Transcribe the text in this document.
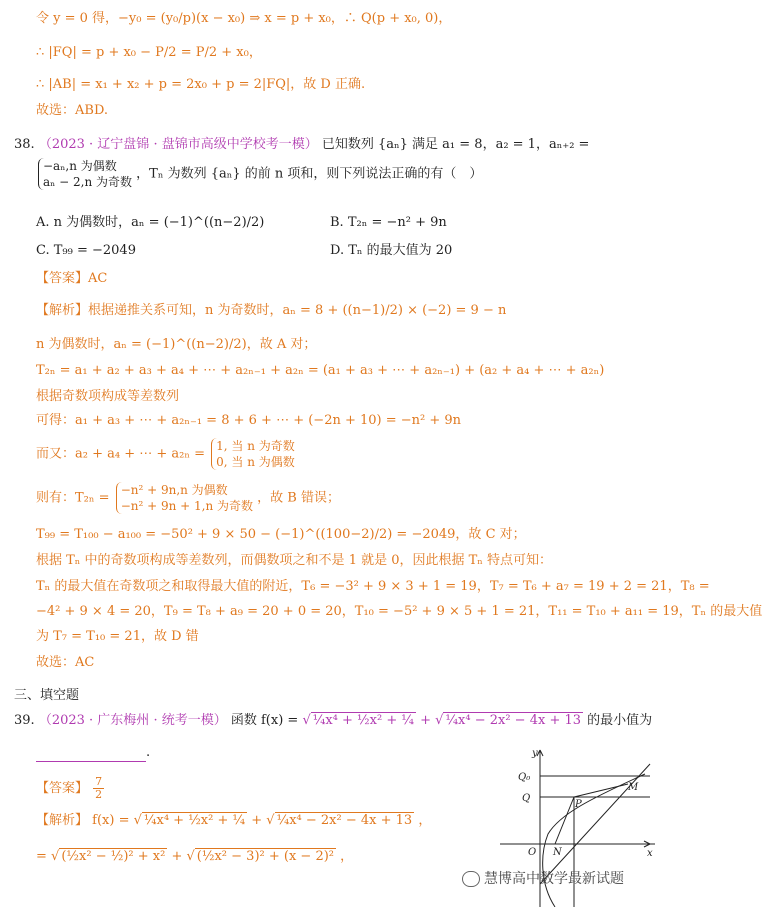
令 y = 0 得，−y₀ = (y₀/p)(x − x₀) ⇒ x = p + x₀，∴ Q(p + x₀, 0)，
∴ |FQ| = p + x₀ − P/2 = P/2 + x₀，
∴ |AB| = x₁ + x₂ + p = 2x₀ + p = 2|FQ|，故 D 正确.
故选：ABD.
38. （2023 · 辽宁盘锦 · 盘锦市高级中学校考一模） 已知数列 {aₙ} 满足 a₁ = 8，a₂ = 1，aₙ₊₂ =
−aₙ,n 为偶数
aₙ − 2,n 为奇数
，Tₙ 为数列 {aₙ} 的前 n 项和，则下列说法正确的有（　）
A. n 为偶数时，aₙ = (−1)^((n−2)/2)	B. T₂ₙ = −n² + 9n
C. T₉₉ = −2049	D. Tₙ 的最大值为 20
【答案】AC
【解析】根据递推关系可知，n 为奇数时，aₙ = 8 + ((n−1)/2) × (−2) = 9 − n
n 为偶数时，aₙ = (−1)^((n−2)/2)，故 A 对；
T₂ₙ = a₁ + a₂ + a₃ + a₄ + ⋯ + a₂ₙ₋₁ + a₂ₙ = (a₁ + a₃ + ⋯ + a₂ₙ₋₁) + (a₂ + a₄ + ⋯ + a₂ₙ)
根据奇数项构成等差数列
可得：a₁ + a₃ + ⋯ + a₂ₙ₋₁ = 8 + 6 + ⋯ + (−2n + 10) = −n² + 9n
而又：a₂ + a₄ + ⋯ + a₂ₙ =
1, 当 n 为奇数
0, 当 n 为偶数
则有：T₂ₙ =
−n² + 9n,n 为偶数
−n² + 9n + 1,n 为奇数
，故 B 错误；
T₉₉ = T₁₀₀ − a₁₀₀ = −50² + 9 × 50 − (−1)^((100−2)/2) = −2049，故 C 对；
根据 Tₙ 中的奇数项构成等差数列，而偶数项之和不是 1 就是 0，因此根据 Tₙ 特点可知：
Tₙ 的最大值在奇数项之和取得最大值的附近，T₆ = −3² + 9 × 3 + 1 = 19，T₇ = T₆ + a₇ = 19 + 2 = 21，T₈ =
−4² + 9 × 4 = 20，T₉ = T₈ + a₉ = 20 + 0 = 20，T₁₀ = −5² + 9 × 5 + 1 = 21，T₁₁ = T₁₀ + a₁₁ = 19，Tₙ 的最大值
为 T₇ = T₁₀ = 21，故 D 错
故选：AC
三、填空题
39. （2023 · 广东梅州 · 统考一模） 函数 f(x) = √ ¼x⁴ + ½x² + ¼ + √ ¼x⁴ − 2x² − 4x + 13 的最小值为
.
【答案】 $\frac{7}{2}$
【解析】 f(x) = √ ¼x⁴ + ½x² + ¼ + √ ¼x⁴ − 2x² − 4x + 13 ，
= √ (½x² − ½)² + x² + √ (½x² − 3)² + (x − 2)² ，
y
x
O N
P
M
Q
Q₀
慧博高中数学最新试题
